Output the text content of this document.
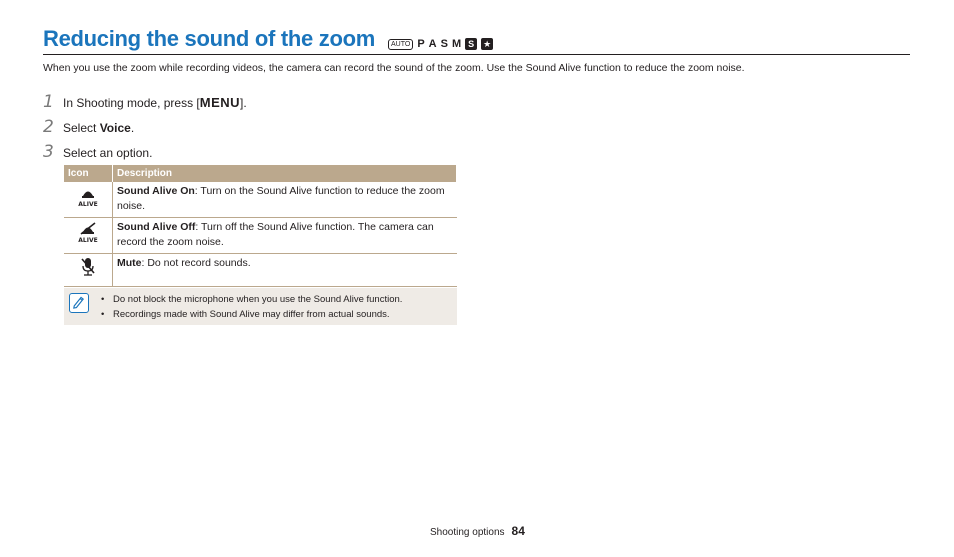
Reducing the sound of the zoom	AUTO P A S M S ★
When you use the zoom while recording videos, the camera can record the sound of the zoom. Use the Sound Alive function to reduce the zoom noise.
1 In Shooting mode, press [MENU].
2 Select Voice.
3 Select an option.
Icon	Description

ALIVE	Sound Alive On: Turn on the Sound Alive function to reduce the zoom noise.

ALIVE	Sound Alive Off: Turn off the Sound Alive function. The camera can record the zoom noise.
	Mute: Do not record sounds.
• Do not block the microphone when you use the Sound Alive function.
• Recordings made with Sound Alive may differ from actual sounds.
Shooting options 84
